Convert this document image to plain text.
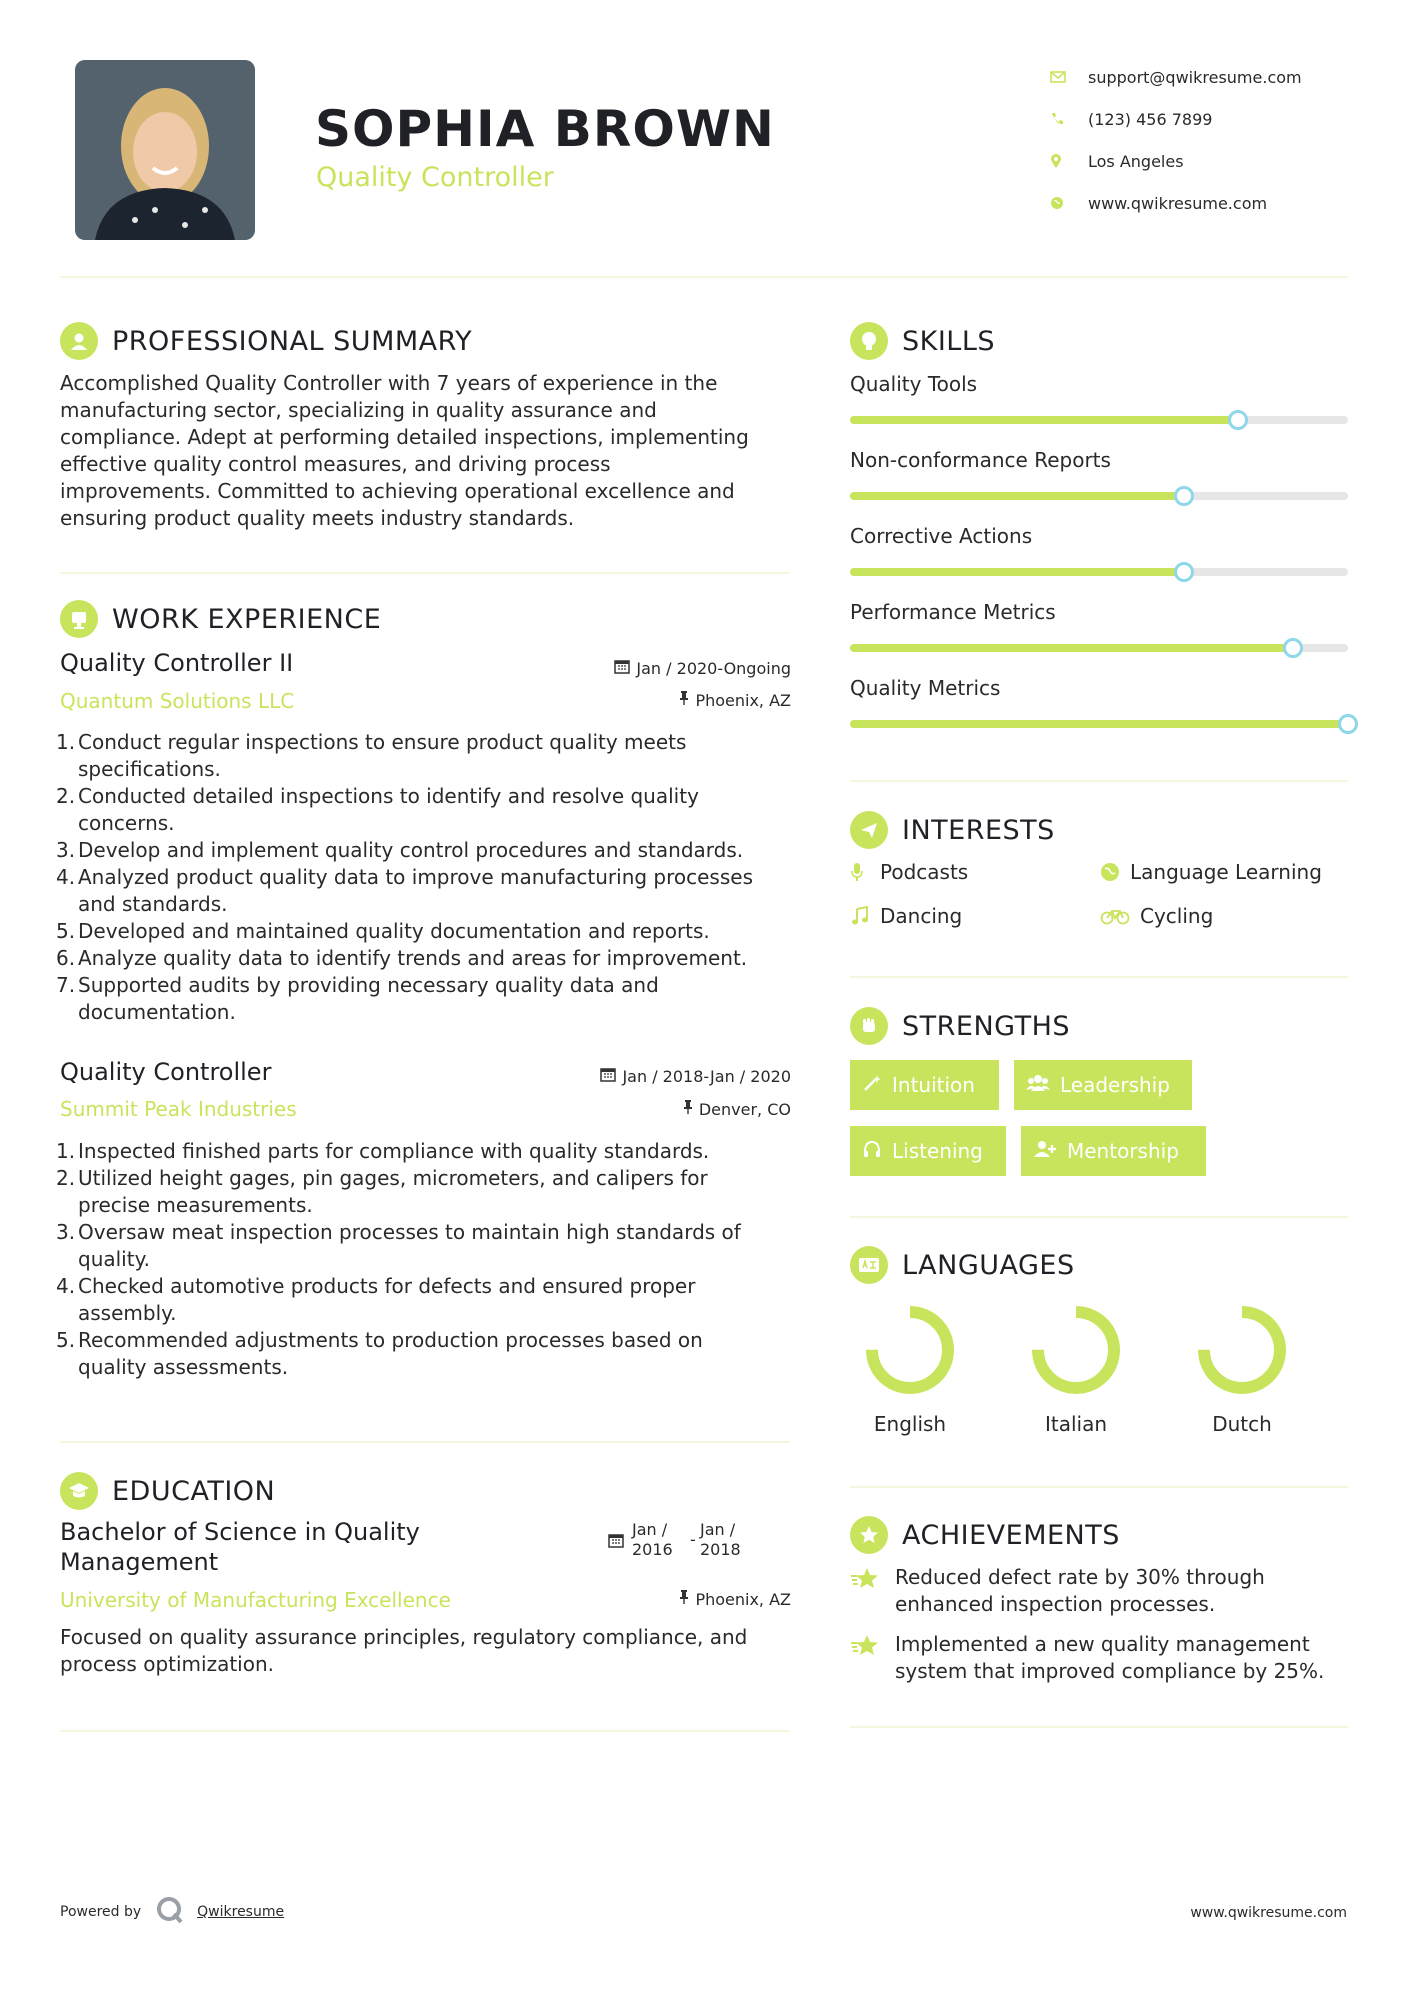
SOPHIA BROWN
Quality Controller
support@qwikresume.com
(123) 456 7899
Los Angeles
www.qwikresume.com
PROFESSIONAL SUMMARY
Accomplished Quality Controller with 7 years of experience in the
manufacturing sector, specializing in quality assurance and
compliance. Adept at performing detailed inspections, implementing
effective quality control measures, and driving process
improvements. Committed to achieving operational excellence and
ensuring product quality meets industry standards.
WORK EXPERIENCE
Quality Controller II
Quantum Solutions LLC
Jan / 2020-Ongoing
Phoenix, AZ
1. Conduct regular inspections to ensure product quality meets
specifications.
2. Conducted detailed inspections to identify and resolve quality
concerns.
3. Develop and implement quality control procedures and standards.
4. Analyzed product quality data to improve manufacturing processes
and standards.
5. Developed and maintained quality documentation and reports.
6. Analyze quality data to identify trends and areas for improvement.
7. Supported audits by providing necessary quality data and
documentation.
Quality Controller
Summit Peak Industries
Jan / 2018-Jan / 2020
Denver, CO
1. Inspected finished parts for compliance with quality standards.
2. Utilized height gages, pin gages, micrometers, and calipers for
precise measurements.
3. Oversaw meat inspection processes to maintain high standards of
quality.
4. Checked automotive products for defects and ensured proper
assembly.
5. Recommended adjustments to production processes based on
quality assessments.
EDUCATION
Bachelor of Science in Quality
Management
University of Manufacturing Excellence
Jan /
2016
-
Jan /
2018
Phoenix, AZ
Focused on quality assurance principles, regulatory compliance, and
process optimization.
SKILLS
Quality Tools
Non-conformance Reports
Corrective Actions
Performance Metrics
Quality Metrics
INTERESTS
Podcasts	Language Learning
Dancing	Cycling
STRENGTHS
Intuition	Leadership
Listening	Mentorship
LANGUAGES
English	Italian	Dutch
ACHIEVEMENTS
Reduced defect rate by 30% through
enhanced inspection processes.
Implemented a new quality management
system that improved compliance by 25%.
Powered by	Qwikresume	www.qwikresume.com
